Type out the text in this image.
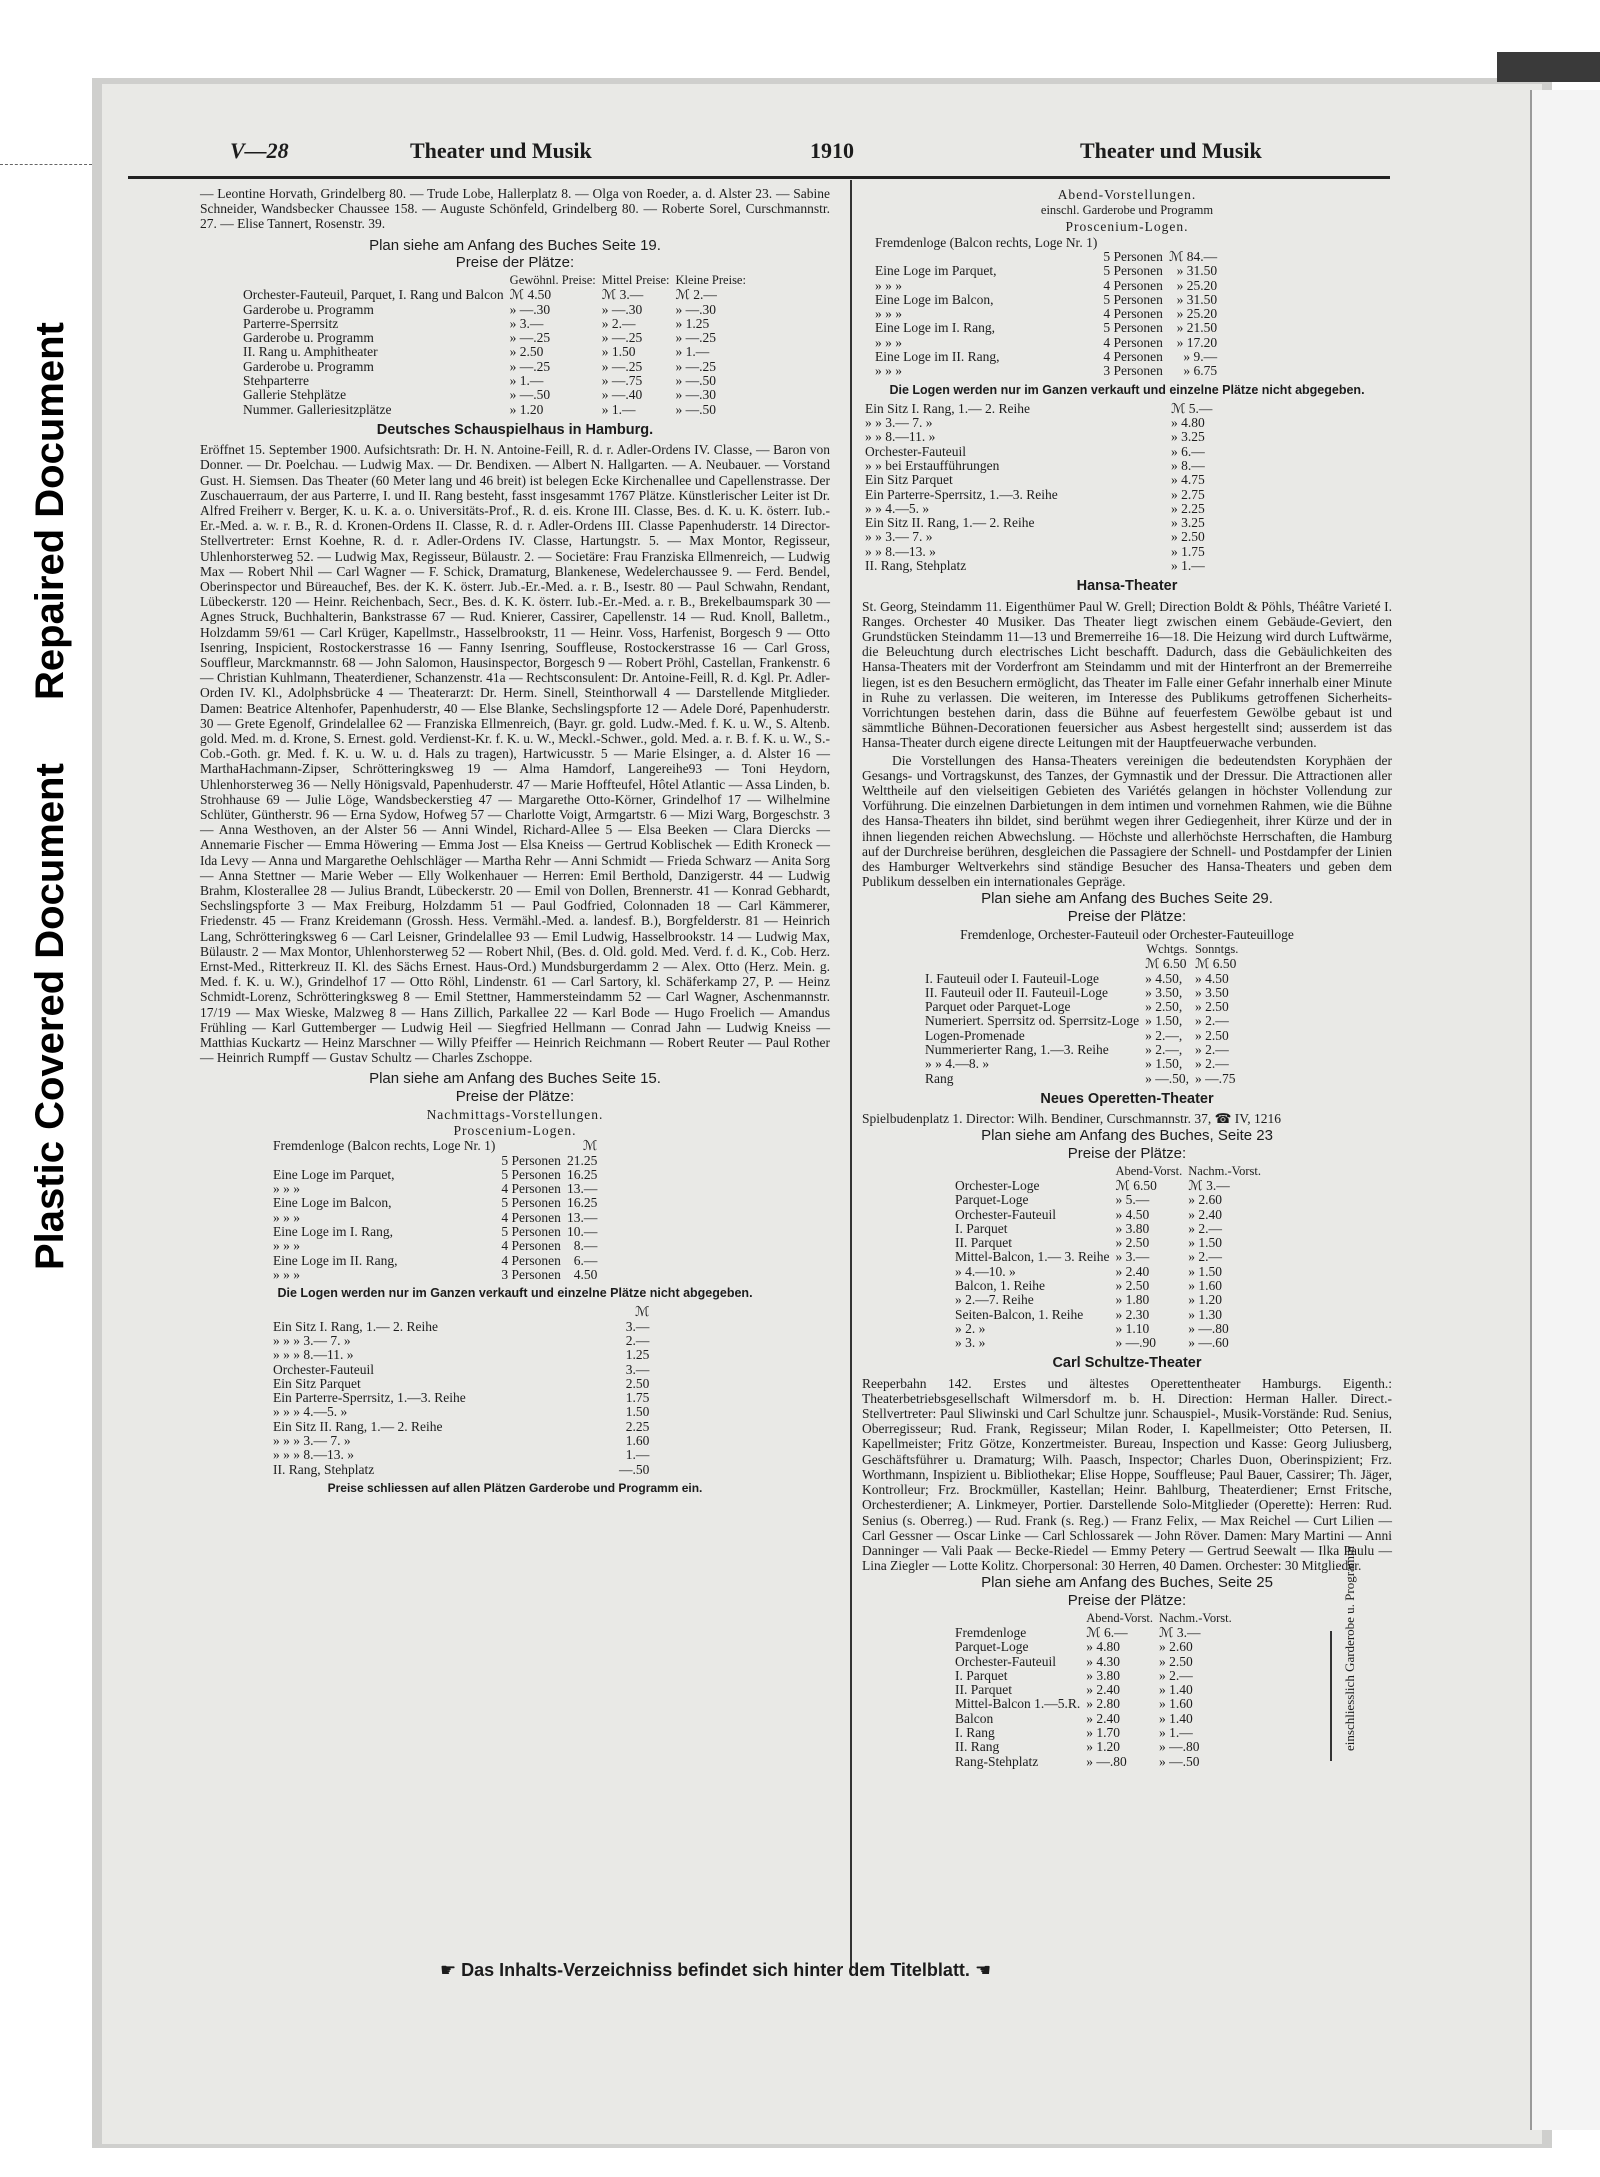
Repaired Document
Plastic Covered Document
V—28	Theater und Musik	1910	Theater und Musik

— Leontine Horvath, Grindelberg 80. — Trude Lobe, Hallerplatz 8. — Olga von Roeder, a. d. Alster 23. — Sabine Schneider, Wandsbecker Chaussee 158. — Auguste Schönfeld, Grindelberg 80. — Roberte Sorel, Curschmannstr. 27. — Elise Tannert, Rosenstr. 39.

Plan siehe am Anfang des Buches Seite 19.
Preise der Plätze:
	Gewöhnl. Preise:	Mittel Preise:	Kleine Preise:
Orchester-Fauteuil, Parquet, I. Rang und Balcon	ℳ 4.50	ℳ 3.—	ℳ 2.—
Garderobe u. Programm	» —.30	» —.30	» —.30
Parterre-Sperrsitz	» 3.—	» 2.—	» 1.25
Garderobe u. Programm	» —.25	» —.25	» —.25
II. Rang u. Amphitheater	» 2.50	» 1.50	» 1.—
Garderobe u. Programm	» —.25	» —.25	» —.25
Stehparterre	» 1.—	» —.75	» —.50
Gallerie Stehplätze	» —.50	» —.40	» —.30
Nummer. Galleriesitzplätze	» 1.20	» 1.—	» —.50
Deutsches Schauspielhaus in Hamburg.

Eröffnet 15. September 1900. Aufsichtsrath: Dr. H. N. Antoine-Feill, R. d. r. Adler-Ordens IV. Classe, — Baron von Donner. — Dr. Poelchau. — Ludwig Max. — Dr. Bendixen. — Albert N. Hallgarten. — A. Neubauer. — Vorstand Gust. H. Siemsen. Das Theater (60 Meter lang und 46 breit) ist belegen Ecke Kirchenallee und Capellenstrasse. Der Zuschauerraum, der aus Parterre, I. und II. Rang besteht, fasst insgesammt 1767 Plätze. Künstlerischer Leiter ist Dr. Alfred Freiherr v. Berger, K. u. K. a. o. Universitäts-Prof., R. d. eis. Krone III. Classe, Bes. d. K. u. K. österr. Iub.-Er.-Med. a. w. r. B., R. d. Kronen-Ordens II. Classe, R. d. r. Adler-Ordens III. Classe Papenhuderstr. 14 Director-Stellvertreter: Ernst Koehne, R. d. r. Adler-Ordens IV. Classe, Hartungstr. 5. — Max Montor, Regisseur, Uhlenhorsterweg 52. — Ludwig Max, Regisseur, Bülaustr. 2. — Societäre: Frau Franziska Ellmenreich, — Ludwig Max — Robert Nhil — Carl Wagner — F. Schick, Dramaturg, Blankenese, Wedelerchaussee 9. — Ferd. Bendel, Oberinspector und Büreauchef, Bes. der K. K. österr. Jub.-Er.-Med. a. r. B., Isestr. 80 — Paul Schwahn, Rendant, Lübeckerstr. 120 — Heinr. Reichenbach, Secr., Bes. d. K. K. österr. Iub.-Er.-Med. a. r. B., Brekelbaumspark 30 — Agnes Struck, Buchhalterin, Bankstrasse 67 — Rud. Knierer, Cassirer, Capellenstr. 14 — Rud. Knoll, Balletm., Holzdamm 59/61 — Carl Krüger, Kapellmstr., Hasselbrookstr, 11 — Heinr. Voss, Harfenist, Borgesch 9 — Otto Isenring, Inspicient, Rostockerstrasse 16 — Fanny Isenring, Souffleuse, Rostockerstrasse 16 — Carl Gross, Souffleur, Marckmannstr. 68 — John Salomon, Hausinspector, Borgesch 9 — Robert Pröhl, Castellan, Frankenstr. 6 — Christian Kuhlmann, Theaterdiener, Schanzenstr. 41a — Rechtsconsulent: Dr. Antoine-Feill, R. d. Kgl. Pr. Adler-Orden IV. Kl., Adolphsbrücke 4 — Theaterarzt: Dr. Herm. Sinell, Steinthorwall 4 — Darstellende Mitglieder. Damen: Beatrice Altenhofer, Papenhuderstr, 40 — Else Blanke, Sechslingspforte 12 — Adele Doré, Papenhuderstr. 30 — Grete Egenolf, Grindelallee 62 — Franziska Ellmenreich, (Bayr. gr. gold. Ludw.-Med. f. K. u. W., S. Altenb. gold. Med. m. d. Krone, S. Ernest. gold. Verdienst-Kr. f. K. u. W., Meckl.-Schwer., gold. Med. a. r. B. f. K. u. W., S.-Cob.-Goth. gr. Med. f. K. u. W. u. d. Hals zu tragen), Hartwicusstr. 5 — Marie Elsinger, a. d. Alster 16 — MarthaHachmann-Zipser, Schrötteringksweg 19 — Alma Hamdorf, Langereihe93 — Toni Heydorn, Uhlenhorsterweg 36 — Nelly Hönigsvald, Papenhuderstr. 47 — Marie Hoffteufel, Hôtel Atlantic — Assa Linden, b. Strohhause 69 — Julie Löge, Wandsbeckerstieg 47 — Margarethe Otto-Körner, Grindelhof 17 — Wilhelmine Schlüter, Güntherstr. 96 — Erna Sydow, Hofweg 57 — Charlotte Voigt, Armgartstr. 6 — Mizi Warg, Borgeschstr. 3 — Anna Westhoven, an der Alster 56 — Anni Windel, Richard-Allee 5 — Elsa Beeken — Clara Diercks — Annemarie Fischer — Emma Höwering — Emma Jost — Elsa Kneiss — Gertrud Koblischek — Edith Kroneck — Ida Levy — Anna und Margarethe Oehlschläger — Martha Rehr — Anni Schmidt — Frieda Schwarz — Anita Sorg — Anna Stettner — Marie Weber — Elly Wolkenhauer — Herren: Emil Berthold, Danzigerstr. 44 — Ludwig Brahm, Klosterallee 28 — Julius Brandt, Lübeckerstr. 20 — Emil von Dollen, Brennerstr. 41 — Konrad Gebhardt, Sechslingspforte 3 — Max Freiburg, Holzdamm 51 — Paul Godfried, Colonnaden 18 — Carl Kämmerer, Friedenstr. 45 — Franz Kreidemann (Grossh. Hess. Vermähl.-Med. a. landesf. B.), Borgfelderstr. 81 — Heinrich Lang, Schrötteringksweg 6 — Carl Leisner, Grindelallee 93 — Emil Ludwig, Hasselbrookstr. 14 — Ludwig Max, Bülaustr. 2 — Max Montor, Uhlenhorsterweg 52 — Robert Nhil, (Bes. d. Old. gold. Med. Verd. f. d. K., Cob. Herz. Ernst-Med., Ritterkreuz II. Kl. des Sächs Ernest. Haus-Ord.) Mundsburgerdamm 2 — Alex. Otto (Herz. Mein. g. Med. f. K. u. W.), Grindelhof 17 — Otto Röhl, Lindenstr. 61 — Carl Sartory, kl. Schäferkamp 27, P. — Heinz Schmidt-Lorenz, Schrötteringksweg 8 — Emil Stettner, Hammersteindamm 52 — Carl Wagner, Aschenmannstr. 17/19 — Max Wieske, Malzweg 8 — Hans Zillich, Parkallee 22 — Karl Bode — Hugo Froelich — Amandus Frühling — Karl Guttemberger — Ludwig Heil — Siegfried Hellmann — Conrad Jahn — Ludwig Kneiss — Matthias Kuckartz — Heinz Marschner — Willy Pfeiffer — Heinrich Reichmann — Robert Reuter — Paul Rother — Heinrich Rumpff — Gustav Schultz — Charles Zschoppe.

Plan siehe am Anfang des Buches Seite 15.
Preise der Plätze:
Nachmittags-Vorstellungen.
Proscenium-Logen.
Fremdenloge (Balcon rechts, Loge Nr. 1)		ℳ
	5 Personen	21.25
Eine Loge im Parquet,	5 Personen	16.25
» » »	4 Personen	13.—
Eine Loge im Balcon,	5 Personen	16.25
» » »	4 Personen	13.—
Eine Loge im I. Rang,	5 Personen	10.—
» » »	4 Personen	8.—
Eine Loge im II. Rang,	4 Personen	6.—
» » »	3 Personen	4.50
Die Logen werden nur im Ganzen verkauft und einzelne Plätze nicht abgegeben.
	ℳ
Ein Sitz I. Rang, 1.— 2. Reihe	3.—
» » » 3.— 7. »	2.—
» » » 8.—11. »	1.25
Orchester-Fauteuil	3.—
Ein Sitz Parquet	2.50
Ein Parterre-Sperrsitz, 1.—3. Reihe	1.75
» » » 4.—5. »	1.50
Ein Sitz II. Rang, 1.— 2. Reihe	2.25
» » » 3.— 7. »	1.60
» » » 8.—13. »	1.—
II. Rang, Stehplatz	—.50
Preise schliessen auf allen Plätzen Garderobe und Programm ein.
Abend-Vorstellungen.
einschl. Garderobe und Programm
Proscenium-Logen.
Fremdenloge (Balcon rechts, Loge Nr. 1)		
	5 Personen	ℳ 84.—
Eine Loge im Parquet,	5 Personen	» 31.50
» » »	4 Personen	» 25.20
Eine Loge im Balcon,	5 Personen	» 31.50
» » »	4 Personen	» 25.20
Eine Loge im I. Rang,	5 Personen	» 21.50
» » »	4 Personen	» 17.20
Eine Loge im II. Rang,	4 Personen	» 9.—
» » »	3 Personen	» 6.75
Die Logen werden nur im Ganzen verkauft und einzelne Plätze nicht abgegeben.
Ein Sitz I. Rang, 1.— 2. Reihe	ℳ 5.—
» » 3.— 7. »	» 4.80
» » 8.—11. »	» 3.25
Orchester-Fauteuil	» 6.—
» » bei Erstaufführungen	» 8.—
Ein Sitz Parquet	» 4.75
Ein Parterre-Sperrsitz, 1.—3. Reihe	» 2.75
» » 4.—5. »	» 2.25
Ein Sitz II. Rang, 1.— 2. Reihe	» 3.25
» » 3.— 7. »	» 2.50
» » 8.—13. »	» 1.75
II. Rang, Stehplatz	» 1.—
Hansa-Theater

St. Georg, Steindamm 11. Eigenthümer Paul W. Grell; Direction Boldt & Pöhls, Théâtre Varieté I. Ranges. Orchester 40 Musiker. Das Theater liegt zwischen einem Gebäude-Geviert, den Grundstücken Steindamm 11—13 und Bremerreihe 16—18. Die Heizung wird durch Luftwärme, die Beleuchtung durch electrisches Licht beschafft. Dadurch, dass die Gebäulichkeiten des Hansa-Theaters mit der Vorderfront am Steindamm und mit der Hinterfront an der Bremerreihe liegen, ist es den Besuchern ermöglicht, das Theater im Falle einer Gefahr innerhalb einer Minute in Ruhe zu verlassen. Die weiteren, im Interesse des Publikums getroffenen Sicherheits-Vorrichtungen bestehen darin, dass die Bühne auf feuerfestem Gewölbe gebaut ist und sämmtliche Bühnen-Decorationen feuersicher aus Asbest hergestellt sind; ausserdem ist das Hansa-Theater durch eigene directe Leitungen mit der Hauptfeuerwache verbunden.

Die Vorstellungen des Hansa-Theaters vereinigen die bedeutendsten Koryphäen der Gesangs- und Vortragskunst, des Tanzes, der Gymnastik und der Dressur. Die Attractionen aller Welttheile auf den vielseitigen Gebieten des Variétés gelangen in höchster Vollendung zur Vorführung. Die einzelnen Darbietungen in dem intimen und vornehmen Rahmen, wie die Bühne des Hansa-Theaters ihn bildet, sind berühmt wegen ihrer Gediegenheit, ihrer Kürze und der in ihnen liegenden reichen Abwechslung. — Höchste und allerhöchste Herrschaften, die Hamburg auf der Durchreise berühren, desgleichen die Passagiere der Schnell- und Postdampfer der Linien des Hamburger Weltverkehrs sind ständige Besucher des Hansa-Theaters und geben dem Publikum desselben ein internationales Gepräge.

Plan siehe am Anfang des Buches Seite 29.
Preise der Plätze:
Fremdenloge, Orchester-Fauteuil oder Orchester-Fauteuilloge
	Wchtgs.	Sonntgs.
	ℳ 6.50	ℳ 6.50
I. Fauteuil oder I. Fauteuil-Loge	» 4.50,	» 4.50
II. Fauteuil oder II. Fauteuil-Loge	» 3.50,	» 3.50
Parquet oder Parquet-Loge	» 2.50,	» 2.50
Numeriert. Sperrsitz od. Sperrsitz-Loge	» 1.50,	» 2.—
Logen-Promenade	» 2.—,	» 2.50
Nummerierter Rang, 1.—3. Reihe	» 2.—,	» 2.—
» » 4.—8. »	» 1.50,	» 2.—
Rang	» —.50,	» —.75
Neues Operetten-Theater

Spielbudenplatz 1. Director: Wilh. Bendiner, Curschmannstr. 37, ☎ IV, 1216

Plan siehe am Anfang des Buches, Seite 23
Preise der Plätze:
	Abend-Vorst.	Nachm.-Vorst.
Orchester-Loge	ℳ 6.50	ℳ 3.—
Parquet-Loge	» 5.—	» 2.60
Orchester-Fauteuil	» 4.50	» 2.40
I. Parquet	» 3.80	» 2.—
II. Parquet	» 2.50	» 1.50
Mittel-Balcon, 1.— 3. Reihe	» 3.—	» 2.—
» 4.—10. »	» 2.40	» 1.50
Balcon, 1. Reihe	» 2.50	» 1.60
» 2.—7. Reihe	» 1.80	» 1.20
Seiten-Balcon, 1. Reihe	» 2.30	» 1.30
» 2. »	» 1.10	» —.80
» 3. »	» —.90	» —.60
Carl Schultze-Theater

Reeperbahn 142. Erstes und ältestes Operettentheater Hamburgs. Eigenth.: Theaterbetriebsgesellschaft Wilmersdorf m. b. H. Direction: Herman Haller. Direct.-Stellvertreter: Paul Sliwinski und Carl Schultze junr. Schauspiel-, Musik-Vorstände: Rud. Senius, Oberregisseur; Rud. Frank, Regisseur; Milan Roder, I. Kapellmeister; Otto Petersen, II. Kapellmeister; Fritz Götze, Konzertmeister. Bureau, Inspection und Kasse: Georg Juliusberg, Geschäftsführer u. Dramaturg; Wilh. Paasch, Inspector; Charles Duon, Oberinspizient; Frz. Worthmann, Inspizient u. Bibliothekar; Elise Hoppe, Souffleuse; Paul Bauer, Cassirer; Th. Jäger, Kontrolleur; Frz. Brockmüller, Kastellan; Heinr. Bahlburg, Theaterdiener; Ernst Fritsche, Orchesterdiener; A. Linkmeyer, Portier. Darstellende Solo-Mitglieder (Operette): Herren: Rud. Senius (s. Oberreg.) — Rud. Frank (s. Reg.) — Franz Felix, — Max Reichel — Curt Lilien — Carl Gessner — Oscar Linke — Carl Schlossarek — John Röver. Damen: Mary Martini — Anni Danninger — Vali Paak — Becke-Riedel — Emmy Petery — Gertrud Seewalt — Ilka Paulu — Lina Ziegler — Lotte Kolitz. Chorpersonal: 30 Herren, 40 Damen. Orchester: 30 Mitglieder.

Plan siehe am Anfang des Buches, Seite 25
Preise der Plätze:
	Abend-Vorst.	Nachm.-Vorst.
Fremdenloge	ℳ 6.—	ℳ 3.—
Parquet-Loge	» 4.80	» 2.60
Orchester-Fauteuil	» 4.30	» 2.50
I. Parquet	» 3.80	» 2.—
II. Parquet	» 2.40	» 1.40
Mittel-Balcon 1.—5.R.	» 2.80	» 1.60
Balcon	» 2.40	» 1.40
I. Rang	» 1.70	» 1.—
II. Rang	» 1.20	» —.80
Rang-Stehplatz	» —.80	» —.50
einschliesslich Garderobe u. Programm
☛ Das Inhalts-Verzeichniss befindet sich hinter dem Titelblatt. ☚
